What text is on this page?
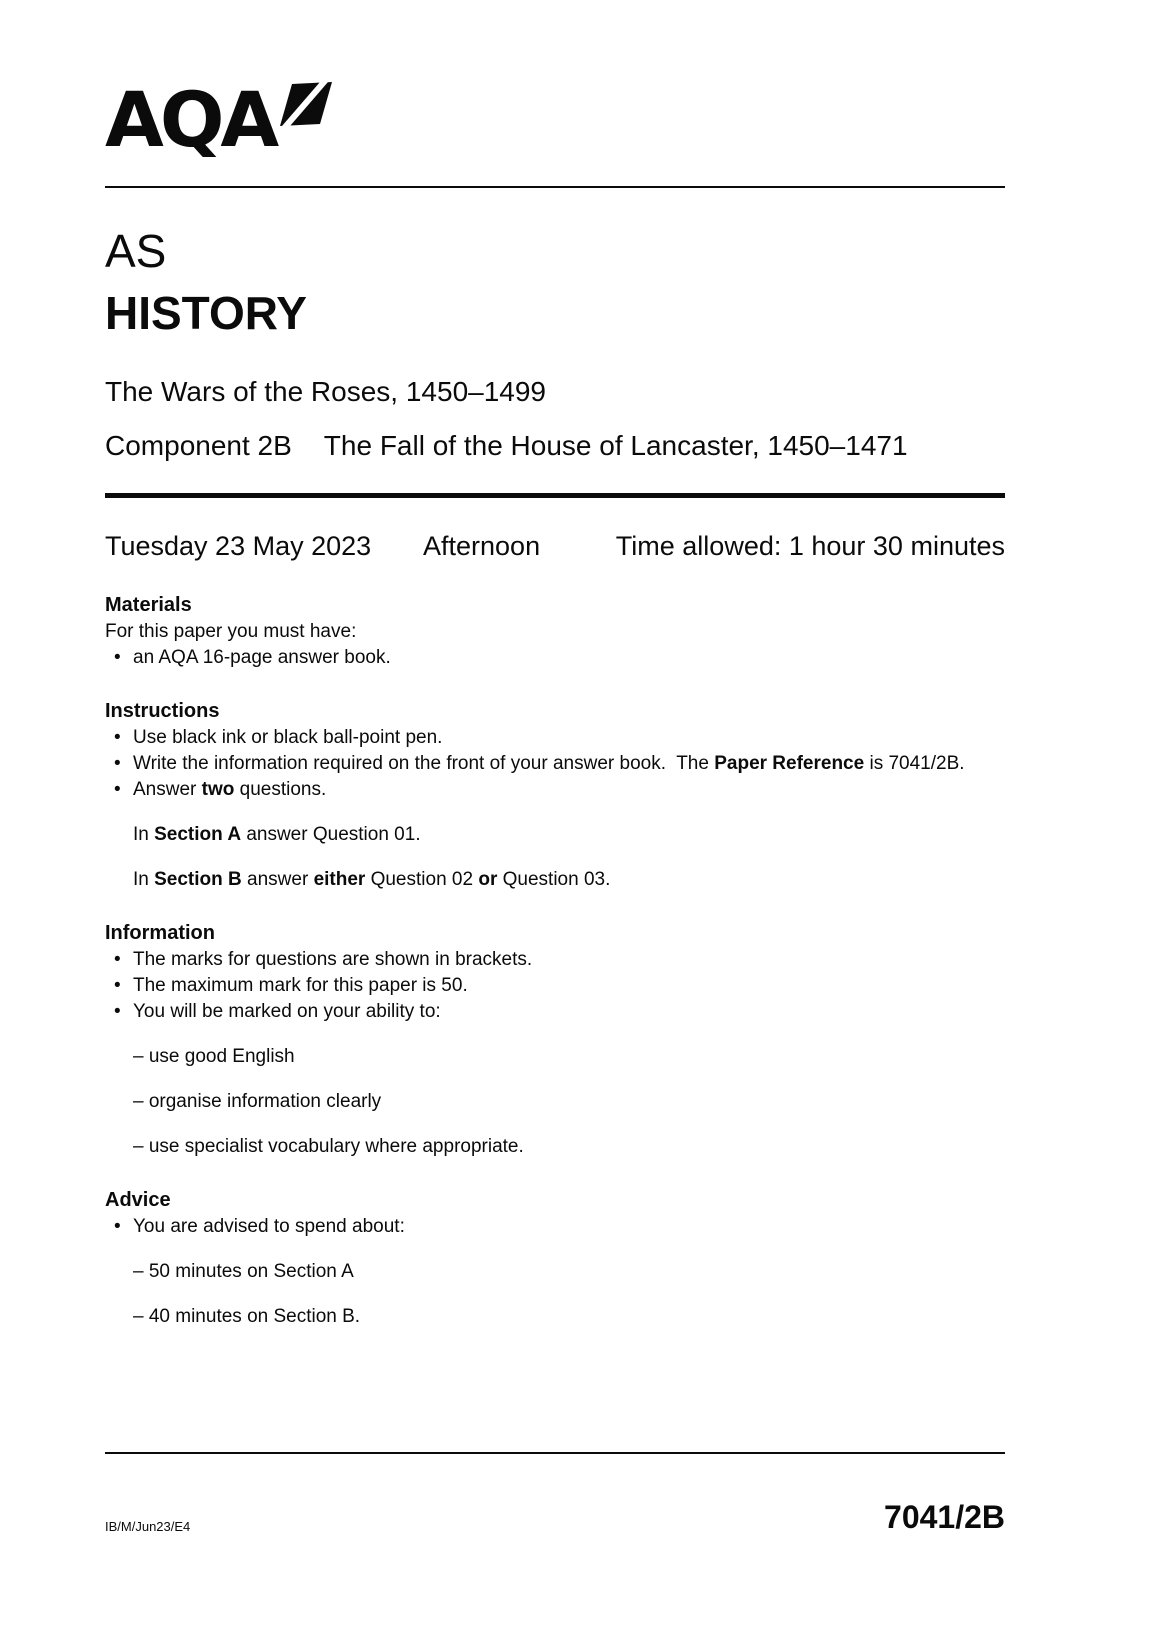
AQA
AS
HISTORY

The Wars of the Roses, 1450–1499

Component 2B The Fall of the House of Lancaster, 1450–1471

Tuesday 23 May 2023	Afternoon	Time allowed: 1 hour 30 minutes
Materials

For this paper you must have:

•

an AQA 16-page answer book.

Instructions
•

Use black ink or black ball-point pen.

•

Write the information required on the front of your answer book.  The Paper Reference is 7041/2B.

•

Answer two questions.

In Section A answer Question 01.

In Section B answer either Question 02 or Question 03.

Information
•

The marks for questions are shown in brackets.

•

The maximum mark for this paper is 50.

•

You will be marked on your ability to:

– use good English

– organise information clearly

– use specialist vocabulary where appropriate.

Advice
•

You are advised to spend about:

– 50 minutes on Section A

– 40 minutes on Section B.

IB/M/Jun23/E4	7041/2B
